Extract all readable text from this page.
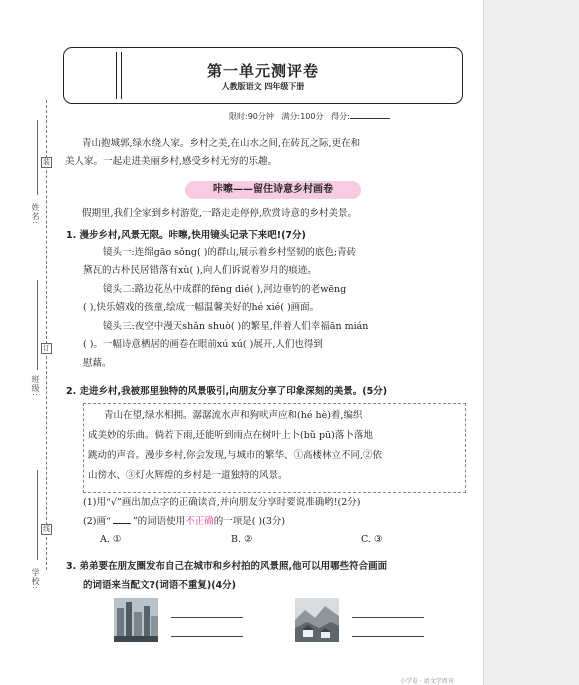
装
订
线
姓名:
班级:
学校:
第一单元测评卷
人教版语文 四年级下册
限时:90分钟 满分:100分 得分:
青山抱城郭,绿水绕人家。乡村之美,在山水之间,在砖瓦之际,更在和
美人家。一起走进美丽乡村,感受乡村无穷的乐趣。
咔嚓——留住诗意乡村画卷
假期里,我们全家到乡村游览,一路走走停停,欣赏诗意的乡村美景。
1. 漫步乡村,风景无限。咔嚓,快用镜头记录下来吧!(7分)
镜头一:连绵gāo sǒng( )的群山,展示着乡村坚韧的底色;青砖
黛瓦的古朴民居错落有xù( ),向人们诉说着岁月的痕迹。
镜头二:路边花丛中成群的fēng dié( ),河边垂钓的老wēng
( ),快乐嬉戏的孩童,绘成一幅温馨美好的hé xié( )画面。
镜头三:夜空中漫天shǎn shuò( )的繁星,伴着人们幸福ān mián
( )。一幅诗意栖居的画卷在眼前xú xú( )展开,人们也得到
慰藉。
2. 走进乡村,我被那里独特的风景吸引,向朋友分享了印象深刻的美景。(5分)
青山在望,绿水相拥。潺潺流水声和狗吠声应和(hé hè)着,编织
成美妙的乐曲。倘若下雨,还能听到雨点在树叶上卜(bǔ pū)落卜落地
跳动的声音。漫步乡村,你会发现,与城市的繁华、①高楼林立不同,②依
山傍水、③灯火辉煌的乡村是一道独特的风景。
(1)用“√”画出加点字的正确读音,并向朋友分享时要说准确哟!(2分)
(2)画“ ”的词语使用不正确的一项是( )(3分)
A. ①	B. ②	C. ③
3. 弟弟要在朋友圈发布自己在城市和乡村拍的风景照,他可以用哪些符合画面
的词语来当配文?(词语不重复)(4分)
小学卷 · 语文学周刊
